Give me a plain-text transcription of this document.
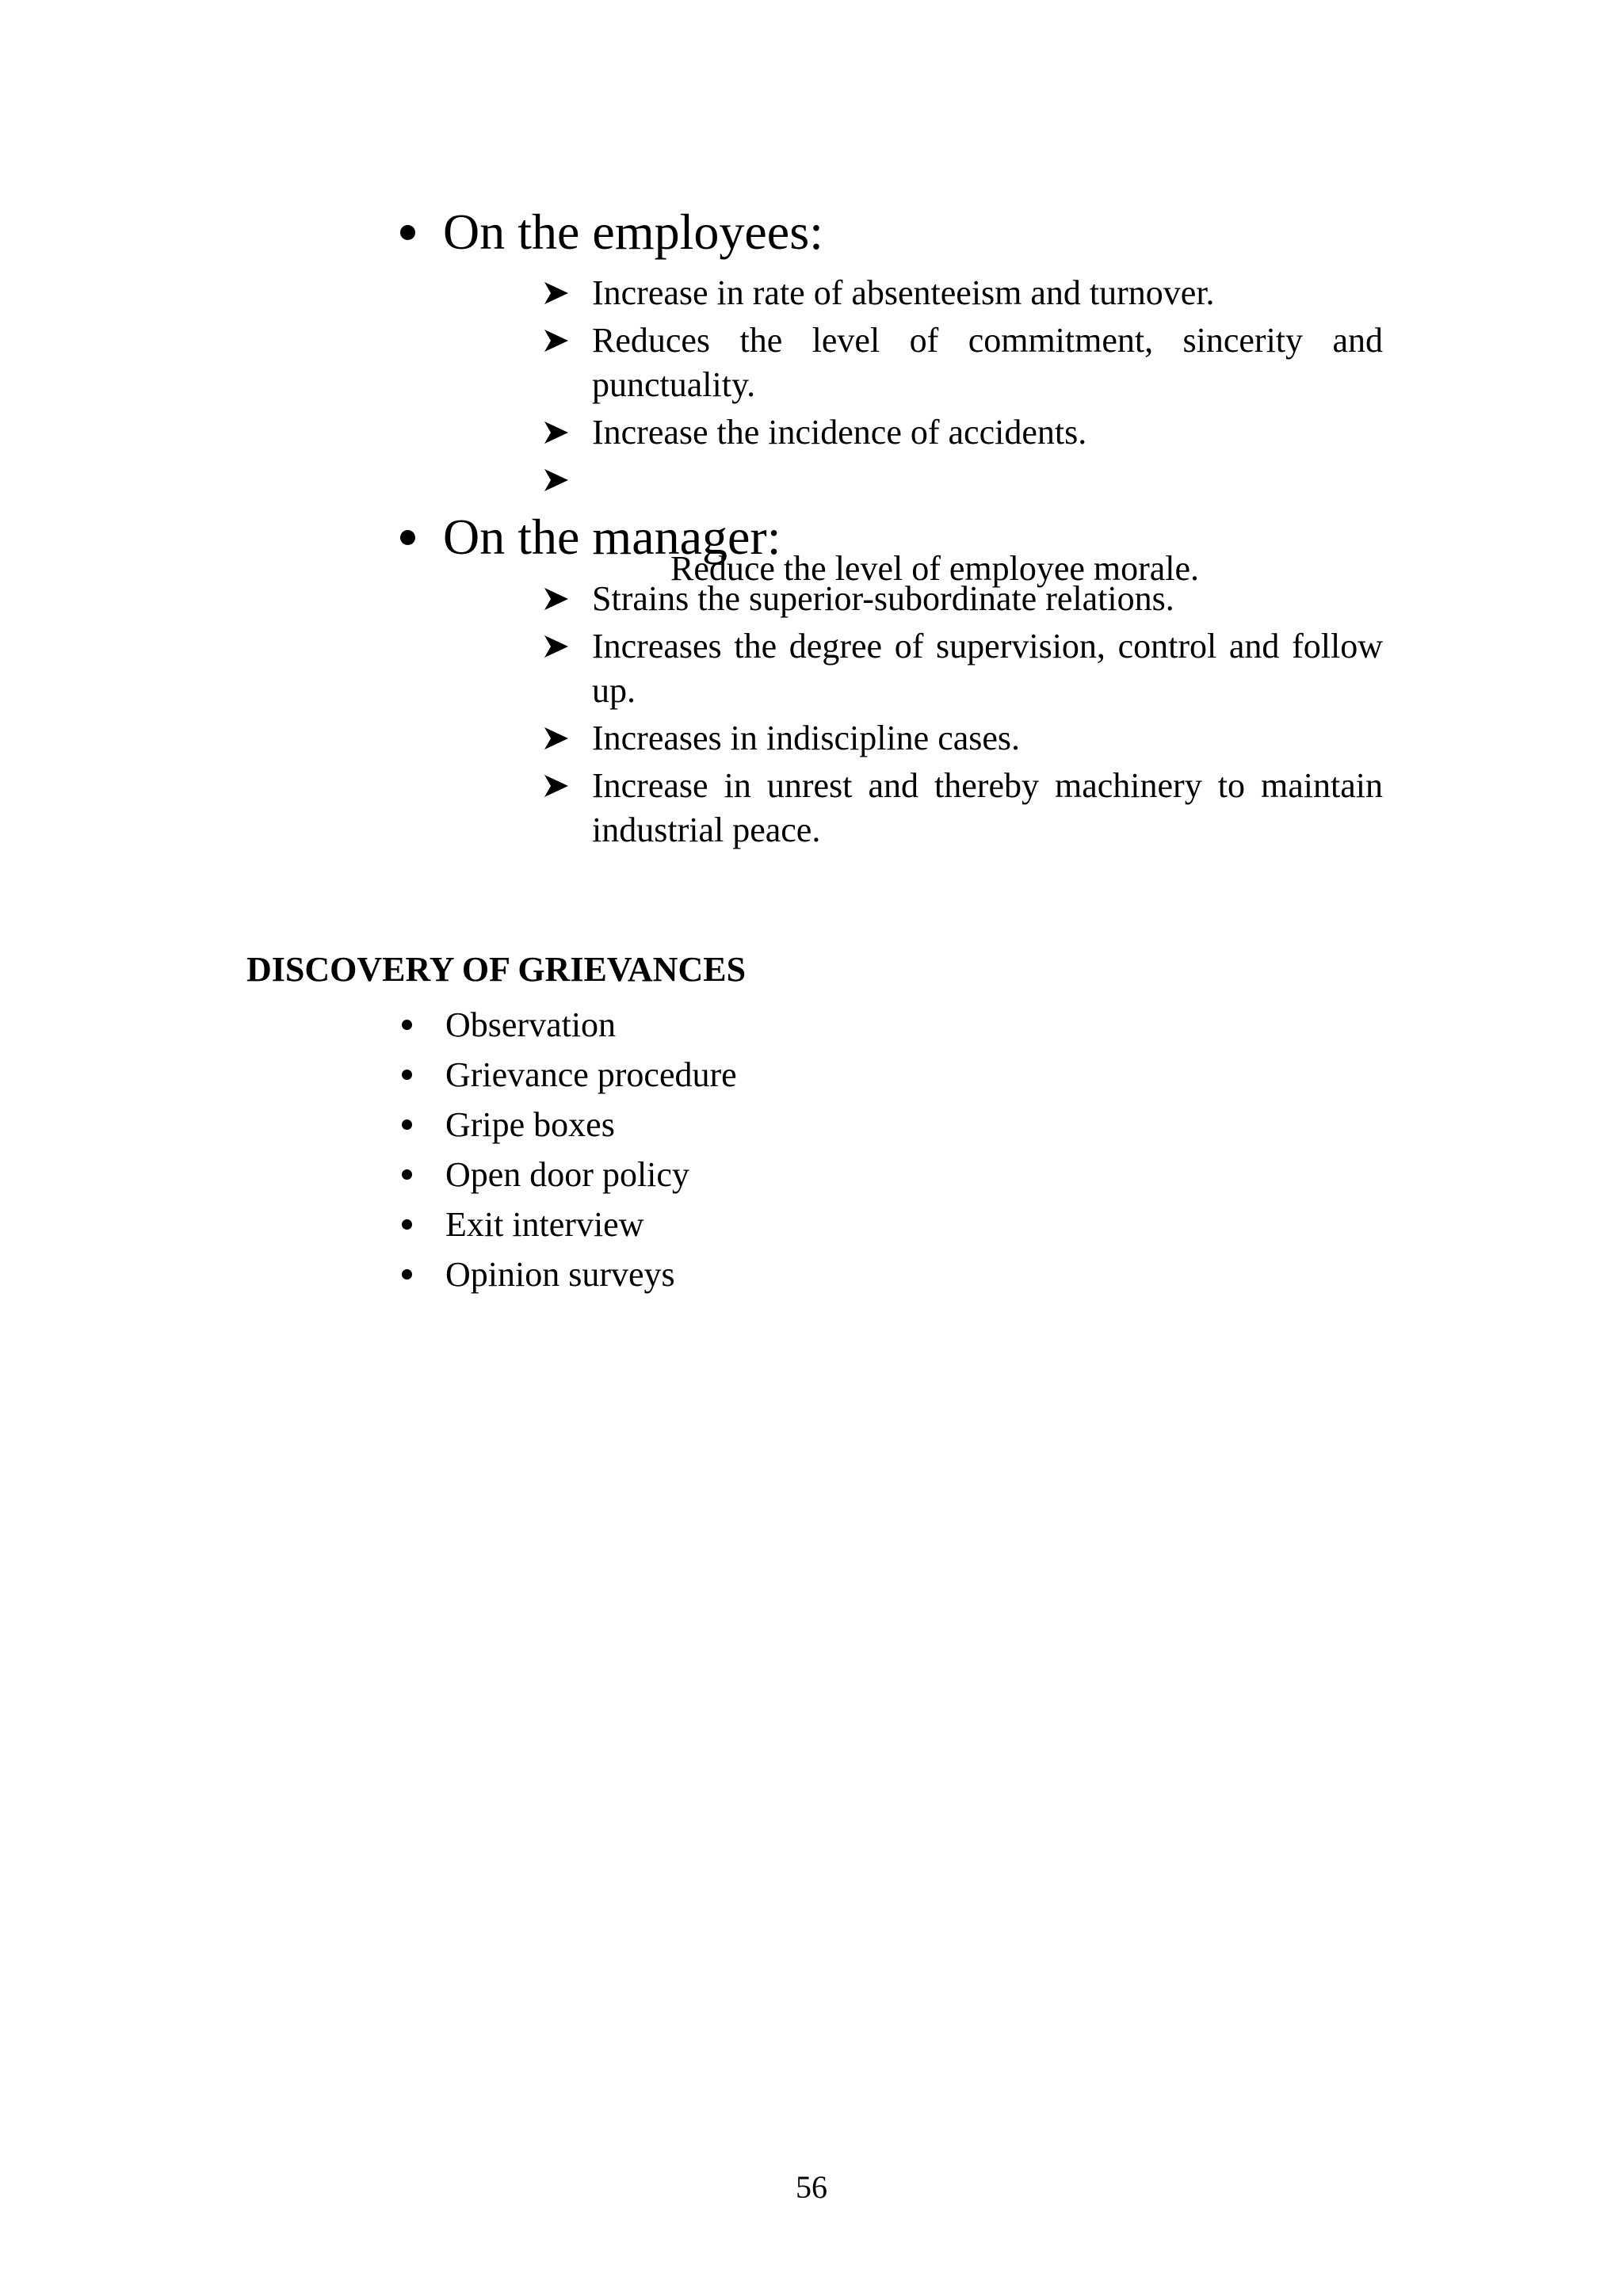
On the employees:
Increase in rate of absenteeism and turnover.
Reduces the level of commitment, sincerity and punctuality.
Increase the incidence of accidents.

Reduce the level of employee morale.

On the manager:
Strains the superior-subordinate relations.
Increases the degree of supervision, control and follow up.
Increases in indiscipline cases.
Increase in unrest and thereby machinery to maintain industrial peace.
DISCOVERY OF GRIEVANCES
Observation
Grievance procedure
Gripe boxes
Open door policy
Exit interview
Opinion surveys
56
